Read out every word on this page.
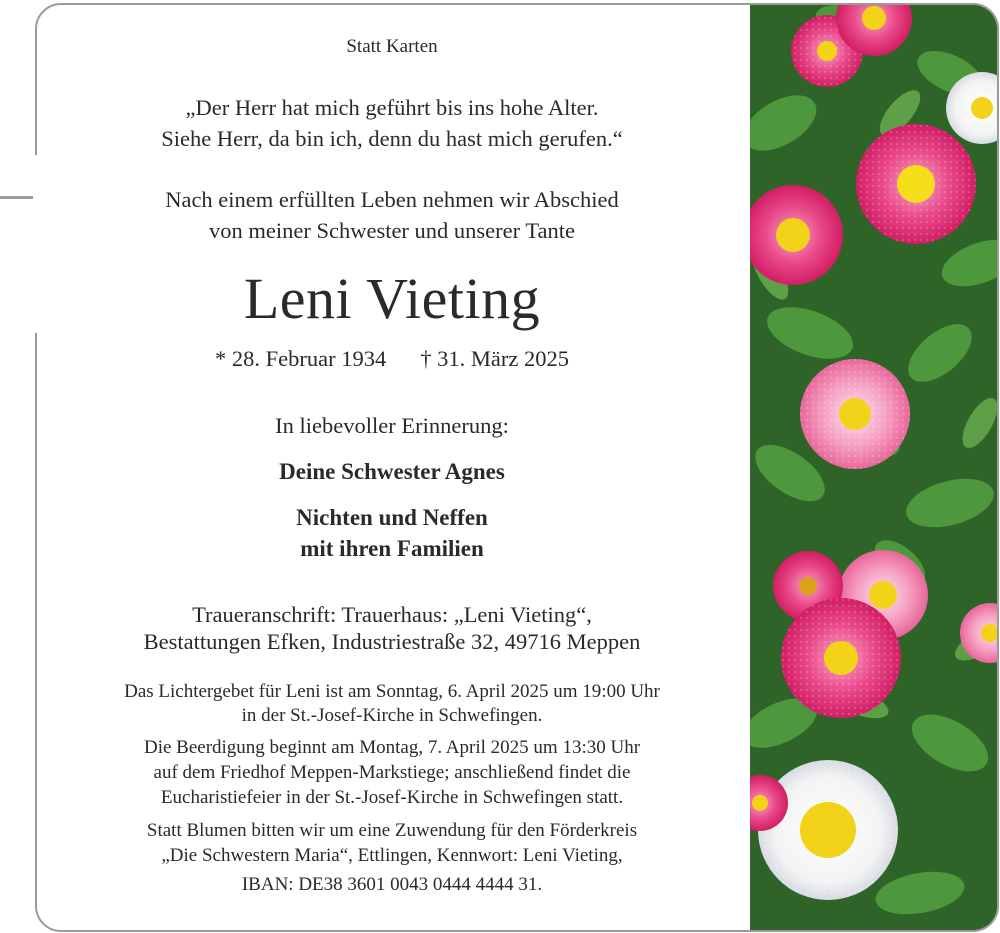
Statt Karten
„Der Herr hat mich geführt bis ins hohe Alter.
Siehe Herr, da bin ich, denn du hast mich gerufen.“
Nach einem erfüllten Leben nehmen wir Abschied
von meiner Schwester und unserer Tante
Leni Vieting
* 28. Februar 1934 † 31. März 2025
In liebevoller Erinnerung:
Deine Schwester Agnes
Nichten und Neffen
mit ihren Familien
Traueranschrift: Trauerhaus: „Leni Vieting“,
Bestattungen Efken, Industriestraße 32, 49716 Meppen
Das Lichtergebet für Leni ist am Sonntag, 6. April 2025 um 19:00 Uhr
in der St.-Josef-Kirche in Schwefingen.
Die Beerdigung beginnt am Montag, 7. April 2025 um 13:30 Uhr
auf dem Friedhof Meppen-Markstiege; anschließend findet die
Eucharistiefeier in der St.-Josef-Kirche in Schwefingen statt.
Statt Blumen bitten wir um eine Zuwendung für den Förderkreis
„Die Schwestern Maria“, Ettlingen, Kennwort: Leni Vieting,
IBAN: DE38 3601 0043 0444 4444 31.
